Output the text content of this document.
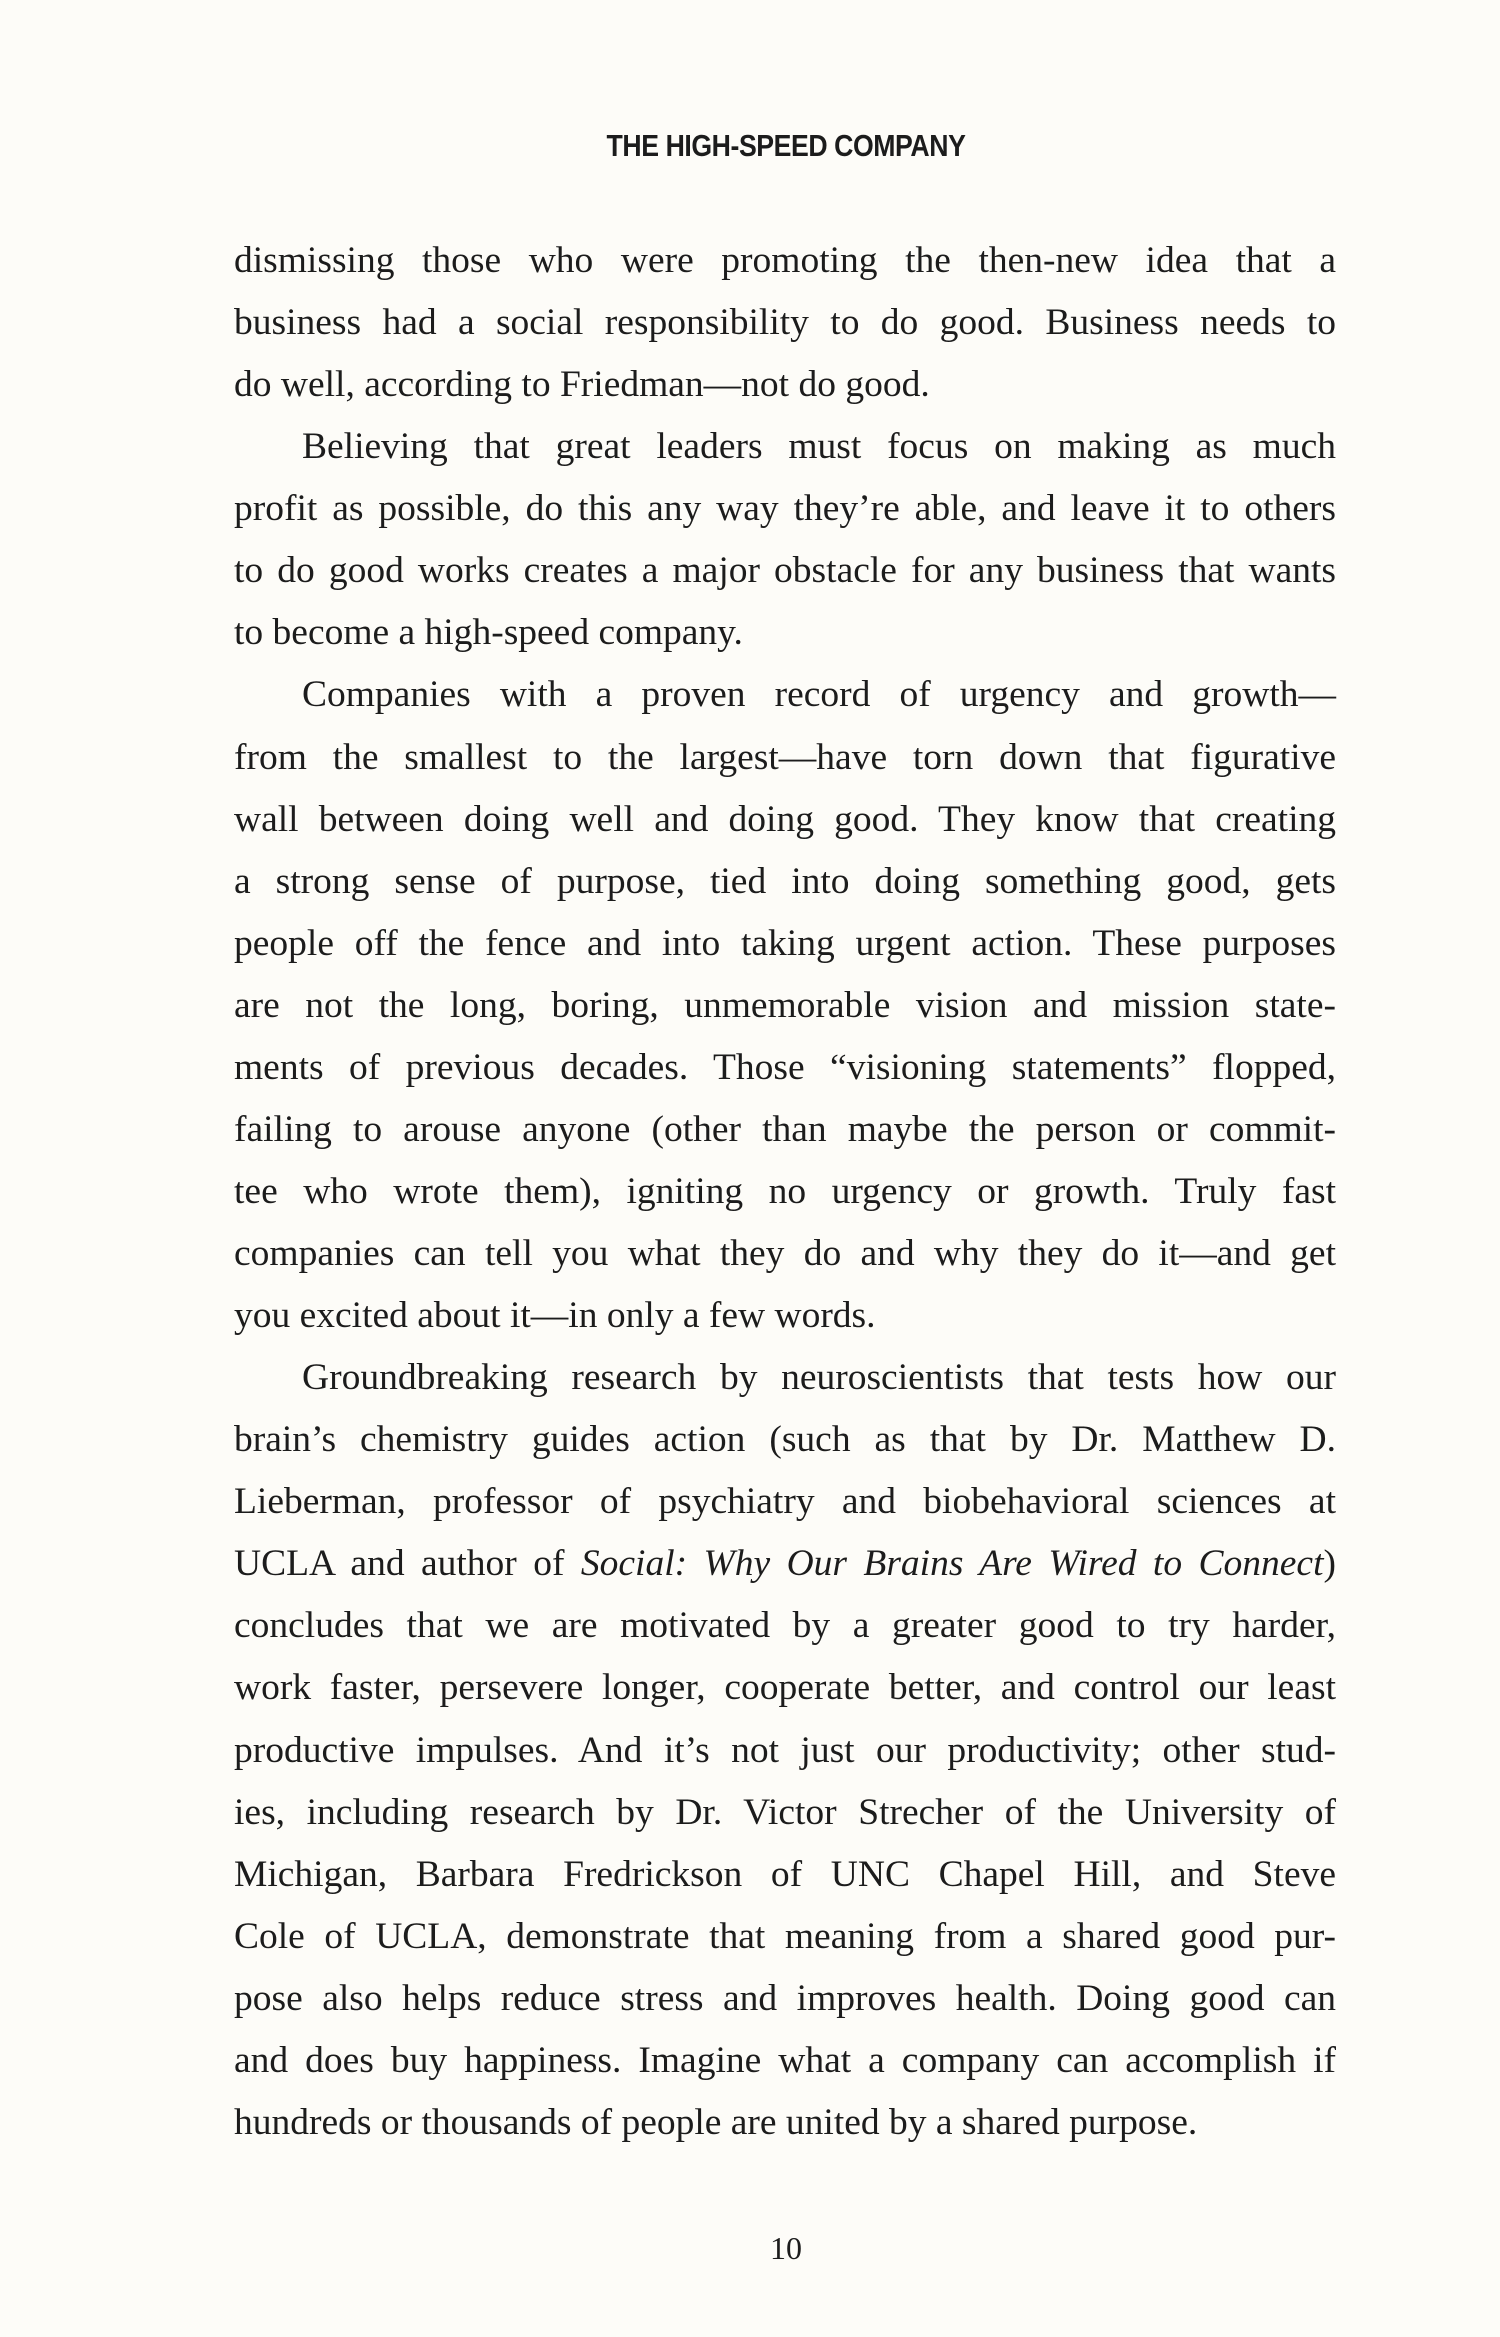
THE HIGH-SPEED COMPANY
dismissing those who were promoting the then-new idea that a
business had a social responsibility to do good. Business needs to
do well, according to Friedman—not do good.
Believing that great leaders must focus on making as much
profit as possible, do this any way they’re able, and leave it to others
to do good works creates a major obstacle for any business that wants
to become a high-speed company.
Companies with a proven record of urgency and growth—
from the smallest to the largest—have torn down that figurative
wall between doing well and doing good. They know that creating
a strong sense of purpose, tied into doing something good, gets
people off the fence and into taking urgent action. These purposes
are not the long, boring, unmemorable vision and mission state-
ments of previous decades. Those “visioning statements” flopped,
failing to arouse anyone (other than maybe the person or commit-
tee who wrote them), igniting no urgency or growth. Truly fast
companies can tell you what they do and why they do it—and get
you excited about it—in only a few words.
Groundbreaking research by neuroscientists that tests how our
brain’s chemistry guides action (such as that by Dr. Matthew D.
Lieberman, professor of psychiatry and biobehavioral sciences at
UCLA and author of Social: Why Our Brains Are Wired to Connect)
concludes that we are motivated by a greater good to try harder,
work faster, persevere longer, cooperate better, and control our least
productive impulses. And it’s not just our productivity; other stud-
ies, including research by Dr. Victor Strecher of the University of
Michigan, Barbara Fredrickson of UNC Chapel Hill, and Steve
Cole of UCLA, demonstrate that meaning from a shared good pur-
pose also helps reduce stress and improves health. Doing good can
and does buy happiness. Imagine what a company can accomplish if
hundreds or thousands of people are united by a shared purpose.
10
